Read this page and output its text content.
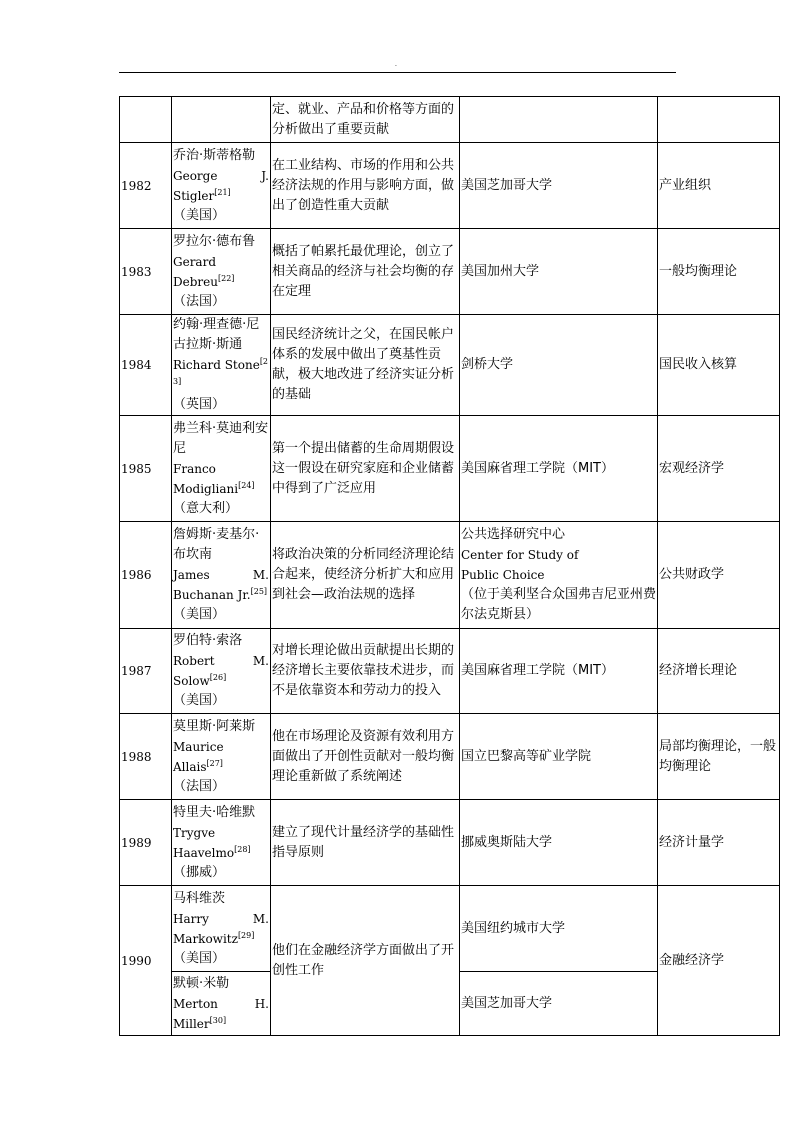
.
		定、就业、产品和价格等方面的分析做出了重要贡献		
1982	乔治·斯蒂格勒
George J.
Stigler[21]
（美国）	在工业结构、市场的作用和公共经济法规的作用与影响方面，做出了创造性重大贡献	美国芝加哥大学	产业组织
1983	罗拉尔·德布鲁
Gerard
Debreu[22]
（法国）	概括了帕累托最优理论，创立了相关商品的经济与社会均衡的存在定理	美国加州大学	一般均衡理论
1984	约翰·理查德·尼古拉斯·斯通
Richard Stone[23]
（英国）	国民经济统计之父，在国民帐户体系的发展中做出了奠基性贡献，极大地改进了经济实证分析的基础	剑桥大学	国民收入核算
1985	弗兰科·莫迪利安尼
Franco
Modigliani[24]
（意大利）	第一个提出储蓄的生命周期假设这一假设在研究家庭和企业储蓄中得到了广泛应用	美国麻省理工学院（MIT）	宏观经济学
1986	詹姆斯·麦基尔·布坎南
James M.
Buchanan Jr.[25]
（美国）	将政治决策的分析同经济理论结合起来，使经济分析扩大和应用到社会—政治法规的选择	公共选择研究中心
Center for Study of
Public Choice
（位于美利坚合众国弗吉尼亚州费尔法克斯县）	公共财政学
1987	罗伯特·索洛
Robert M.
Solow[26]
（美国）	对增长理论做出贡献提出长期的经济增长主要依靠技术进步，而不是依靠资本和劳动力的投入	美国麻省理工学院（MIT）	经济增长理论
1988	莫里斯·阿莱斯
Maurice
Allais[27]
（法国）	他在市场理论及资源有效利用方面做出了开创性贡献对一般均衡理论重新做了系统阐述	国立巴黎高等矿业学院	局部均衡理论，一般均衡理论
1989	特里夫·哈维默
Trygve
Haavelmo[28]
（挪威）	建立了现代计量经济学的基础性指导原则	挪威奥斯陆大学	经济计量学
1990	马科维茨
Harry M.
Markowitz[29]
（美国）	他们在金融经济学方面做出了开创性工作	美国纽约城市大学	金融经济学

	默顿·米勒
Merton H.
Miller[30]		美国芝加哥大学	
